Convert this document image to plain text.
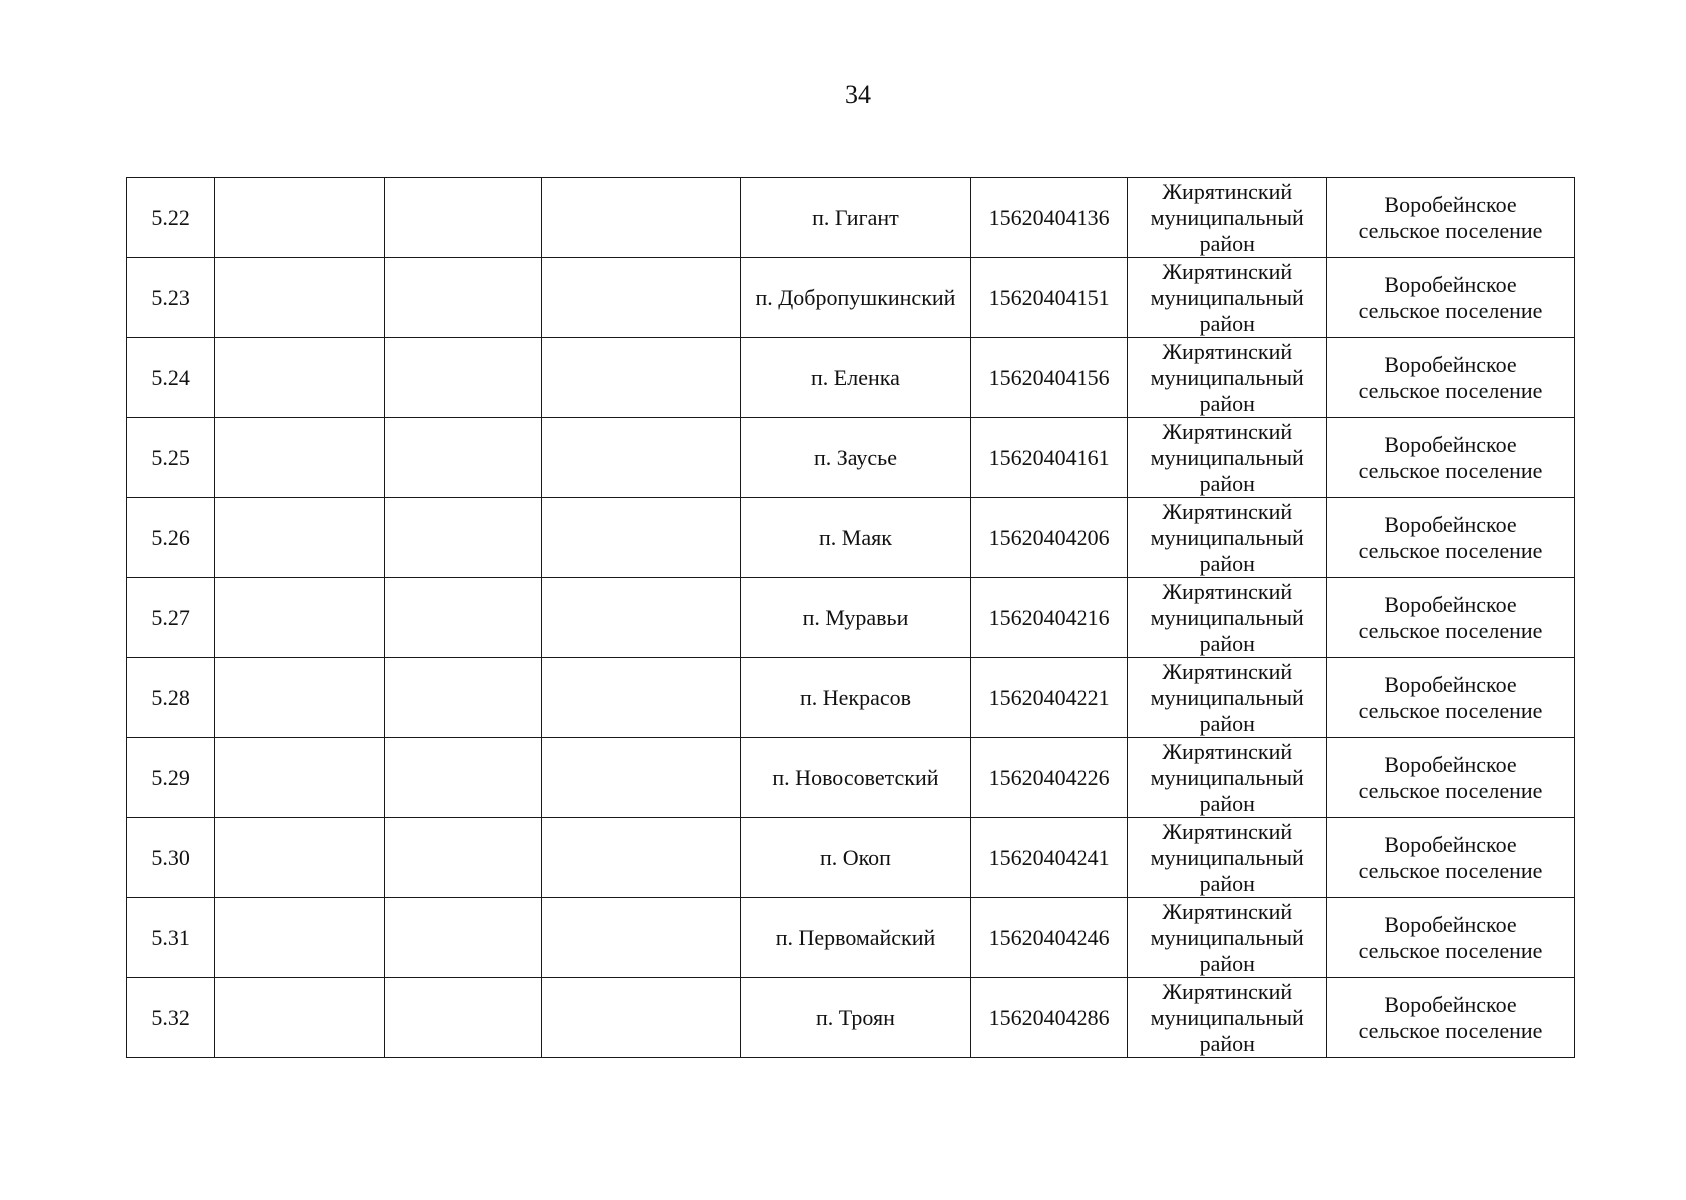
34
5.22				п. Гигант	15620404136	Жирятинский
муниципальный
район	Воробейнское
сельское поселение

5.23				п. Добропушкинский	15620404151	Жирятинский
муниципальный
район	Воробейнское
сельское поселение

5.24				п. Еленка	15620404156	Жирятинский
муниципальный
район	Воробейнское
сельское поселение

5.25				п. Заусье	15620404161	Жирятинский
муниципальный
район	Воробейнское
сельское поселение

5.26				п. Маяк	15620404206	Жирятинский
муниципальный
район	Воробейнское
сельское поселение

5.27				п. Муравьи	15620404216	Жирятинский
муниципальный
район	Воробейнское
сельское поселение

5.28				п. Некрасов	15620404221	Жирятинский
муниципальный
район	Воробейнское
сельское поселение

5.29				п. Новосоветский	15620404226	Жирятинский
муниципальный
район	Воробейнское
сельское поселение

5.30				п. Окоп	15620404241	Жирятинский
муниципальный
район	Воробейнское
сельское поселение

5.31				п. Первомайский	15620404246	Жирятинский
муниципальный
район	Воробейнское
сельское поселение

5.32				п. Троян	15620404286	Жирятинский
муниципальный
район	Воробейнское
сельское поселение
